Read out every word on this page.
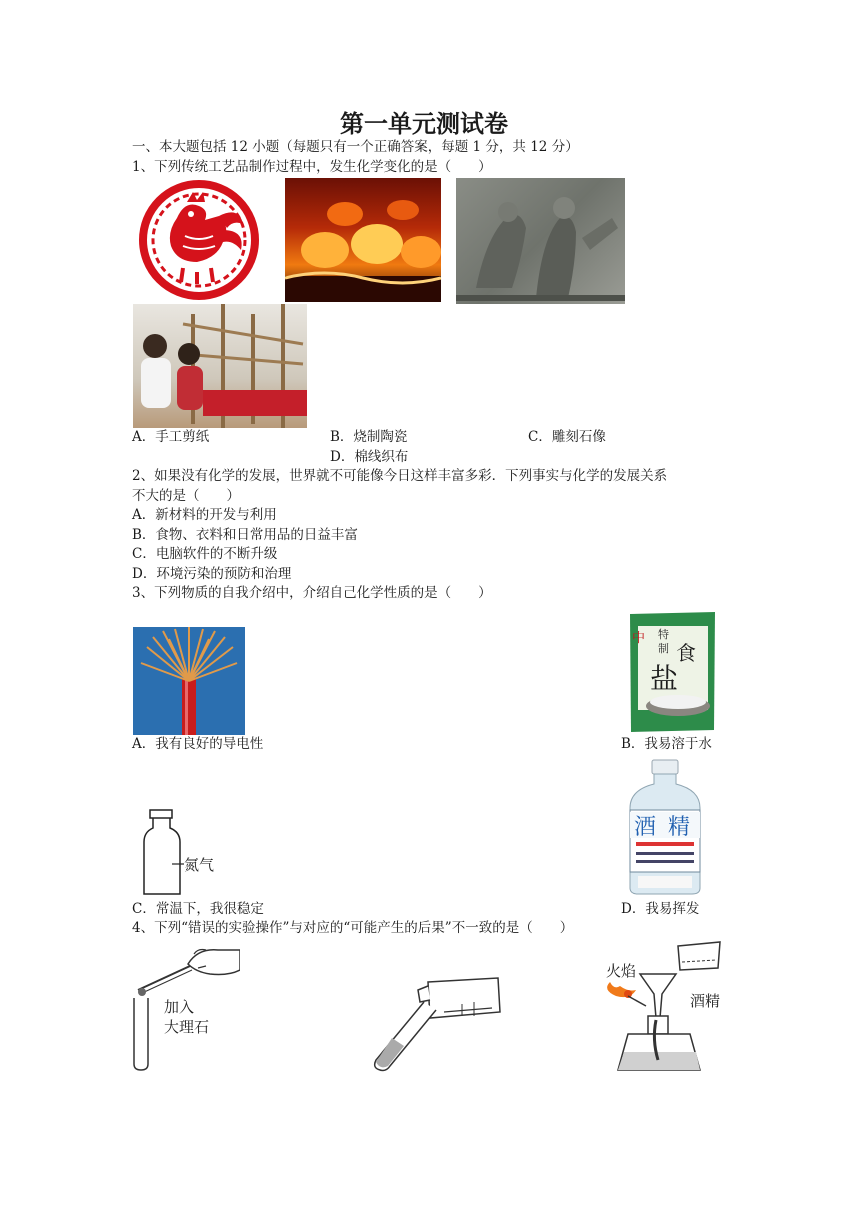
第一单元测试卷
一、本大题包括 12 小题（每题只有一个正确答案，每题 1 分，共 12 分）
1、下列传统工艺品制作过程中，发生化学变化的是（　　）
A．手工剪纸	B．烧制陶瓷	C．雕刻石像
D．棉线织布
2、如果没有化学的发展，世界就不可能像今日这样丰富多彩．下列事实与化学的发展关系
不大的是（　　）
A．新材料的开发与利用
B．食物、衣料和日常用品的日益丰富
C．电脑软件的不断升级
D．环境污染的预防和治理
3、下列物质的自我介绍中，介绍自己化学性质的是（　　）
中 特
制 食
盐
A．我有良好的导电性	B．我易溶于水
氮气
酒 精
C．常温下，我很稳定	D．我易挥发
4、下列“错误的实验操作”与对应的“可能产生的后果”不一致的是（　　）
加入
大理石
火焰
酒精
